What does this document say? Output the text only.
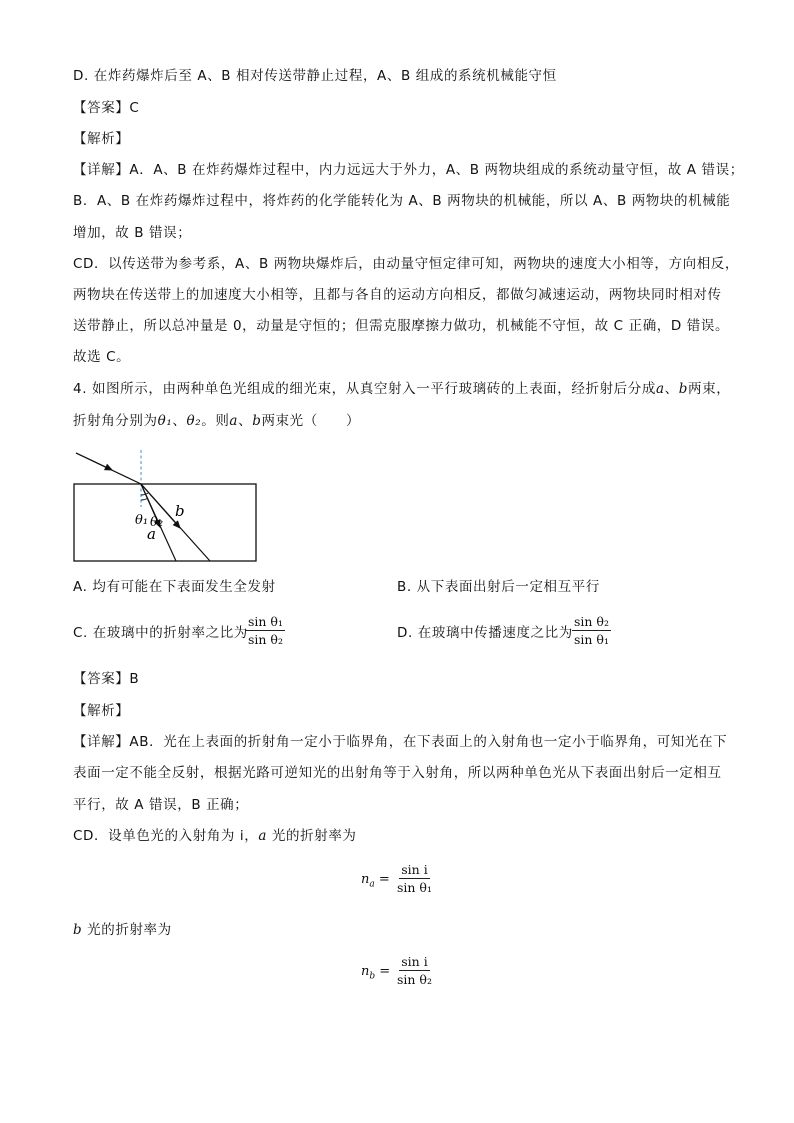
D. 在炸药爆炸后至 A、B 相对传送带静止过程，A、B 组成的系统机械能守恒
【答案】C
【解析】
【详解】A．A、B 在炸药爆炸过程中，内力远远大于外力，A、B 两物块组成的系统动量守恒，故 A 错误；
B．A、B 在炸药爆炸过程中，将炸药的化学能转化为 A、B 两物块的机械能，所以 A、B 两物块的机械能
增加，故 B 错误；
CD．以传送带为参考系，A、B 两物块爆炸后，由动量守恒定律可知，两物块的速度大小相等，方向相反，
两物块在传送带上的加速度大小相等，且都与各自的运动方向相反，都做匀减速运动，两物块同时相对传
送带静止，所以总冲量是 0，动量是守恒的；但需克服摩擦力做功，机械能不守恒，故 C 正确，D 错误。
故选 C。
4. 如图所示，由两种单色光组成的细光束，从真空射入一平行玻璃砖的上表面，经折射后分成a、b两束，
折射角分别为θ₁、θ₂。则a、b两束光（　　）
b
a
θ₁ θ₂
A. 均有可能在下表面发生全发射	B. 从下表面出射后一定相互平行
C. 在玻璃中的折射率之比为
$\frac{\text{sin θ₁}}{\text{sin θ₂}}$	D. 在玻璃中传播速度之比为 $\frac{\text{sin θ₂}}{\text{sin θ₁}}$
【答案】B
【解析】
【详解】AB．光在上表面的折射角一定小于临界角，在下表面上的入射角也一定小于临界角，可知光在下
表面一定不能全反射，根据光路可逆知光的出射角等于入射角，所以两种单色光从下表面出射后一定相互
平行，故 A 错误，B 正确；
CD．设单色光的入射角为 i，a 光的折射率为
$n_a = \frac{\text{sin i}}{\text{sin θ₁}}$
b 光的折射率为
$n_b = \frac{\text{sin i}}{\text{sin θ₂}}$
